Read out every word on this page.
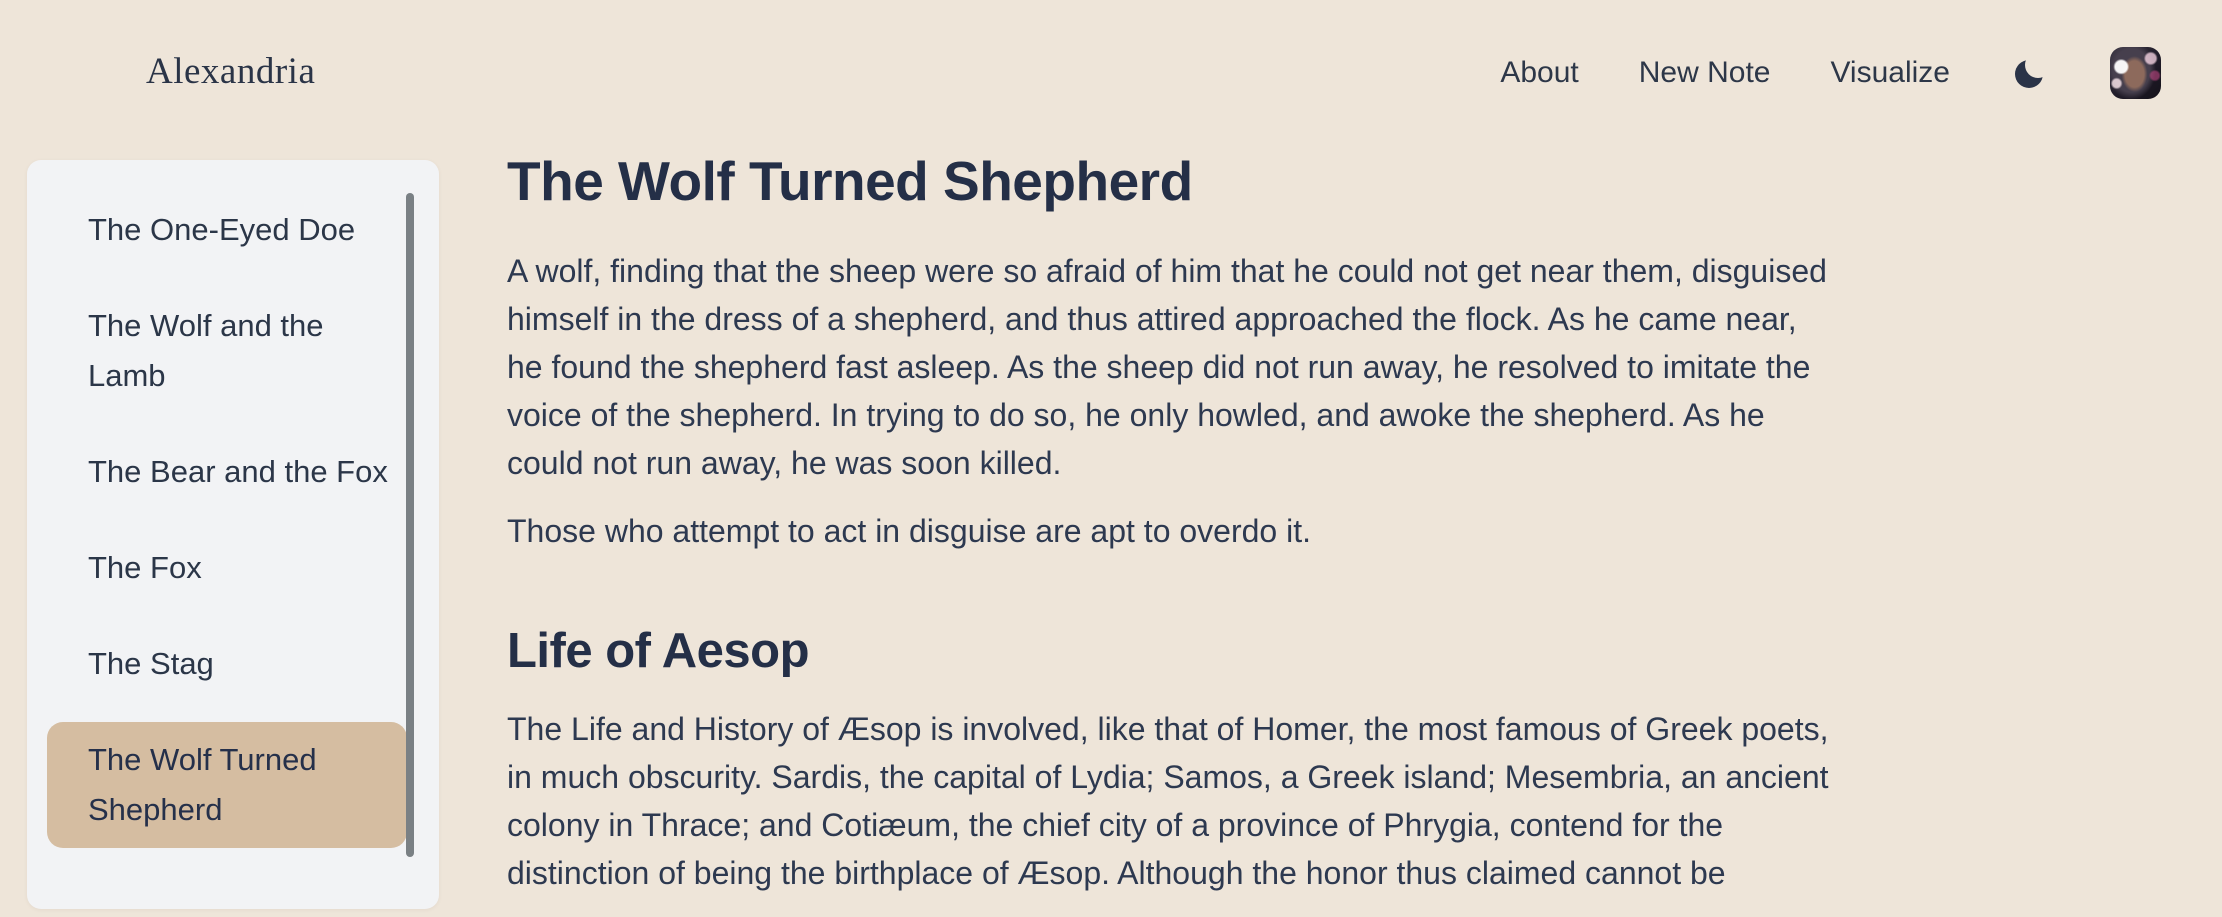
Alexandria	About New Note Visualize
The One-Eyed Doe
The Wolf and the Lamb
The Bear and the Fox
The Fox
The Stag
The Wolf Turned Shepherd
The Wolf Turned Shepherd

A wolf, finding that the sheep were so afraid of him that he could not get near them, disguised himself in the dress of a shepherd, and thus attired approached the flock. As he came near, he found the shepherd fast asleep. As the sheep did not run away, he resolved to imitate the voice of the shepherd. In trying to do so, he only howled, and awoke the shepherd. As he could not run away, he was soon killed.

Those who attempt to act in disguise are apt to overdo it.

Life of Aesop

The Life and History of Æsop is involved, like that of Homer, the most famous of Greek poets, in much obscurity. Sardis, the capital of Lydia; Samos, a Greek island; Mesembria, an ancient colony in Thrace; and Cotiæum, the chief city of a province of Phrygia, contend for the distinction of being the birthplace of Æsop. Although the honor thus claimed cannot be
